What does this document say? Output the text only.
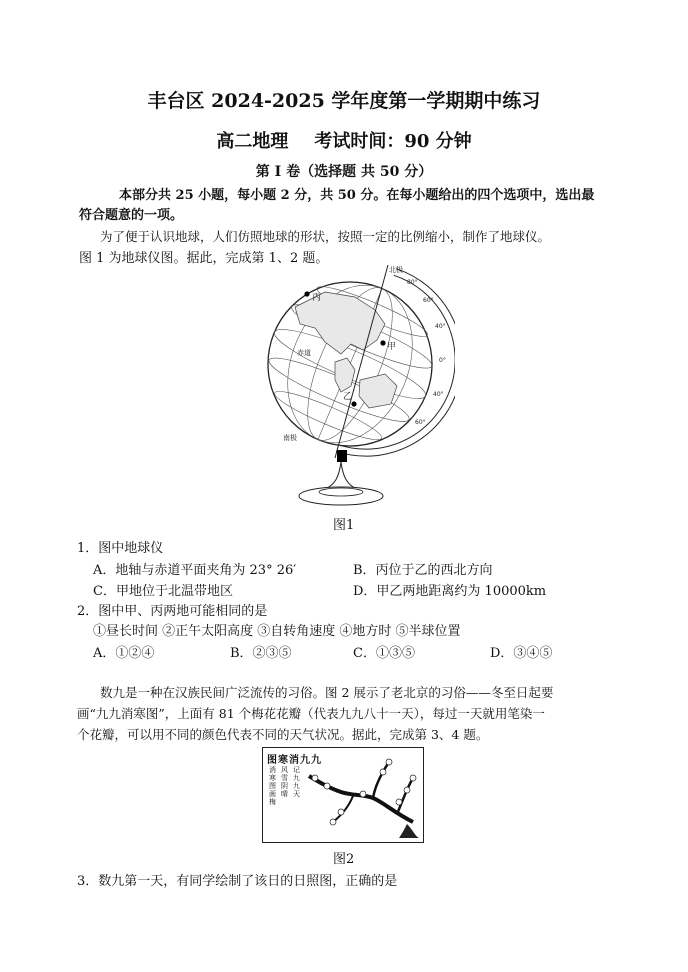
丰台区 2024-2025 学年度第一学期期中练习
高二地理 考试时间：90 分钟
第 I 卷（选择题 共 50 分）
本部分共 25 小题，每小题 2 分，共 50 分。在每小题给出的四个选项中，选出最
符合题意的一项。
为了便于认识地球，人们仿照地球的形状，按照一定的比例缩小，制作了地球仪。
图 1 为地球仪图。据此，完成第 1、2 题。
丙
甲
乙
赤道
北极
南极
80°
60°
40°
0°
40°
60°
图1
1．图中地球仪
A．地轴与赤道平面夹角为 23° 26′	B．丙位于乙的西北方向
C．甲地位于北温带地区	D．甲乙两地距离约为 10000km
2．图中甲、丙两地可能相同的是
①昼长时间 ②正午太阳高度 ③自转角速度 ④地方时 ⑤半球位置
A．①②④	B．②③⑤	C．①③⑤	D．③④⑤
数九是一种在汉族民间广泛流传的习俗。图 2 展示了老北京的习俗——冬至日起要
画“九九消寒图”，上面有 81 个梅花花瓣（代表九九八十一天），每过一天就用笔染一
个花瓣，可以用不同的颜色代表不同的天气状况。据此，完成第 3、4 题。
图寒消九九
消寒图画梅
风雪阴晴
记九九天
图2
3．数九第一天，有同学绘制了该日的日照图，正确的是
